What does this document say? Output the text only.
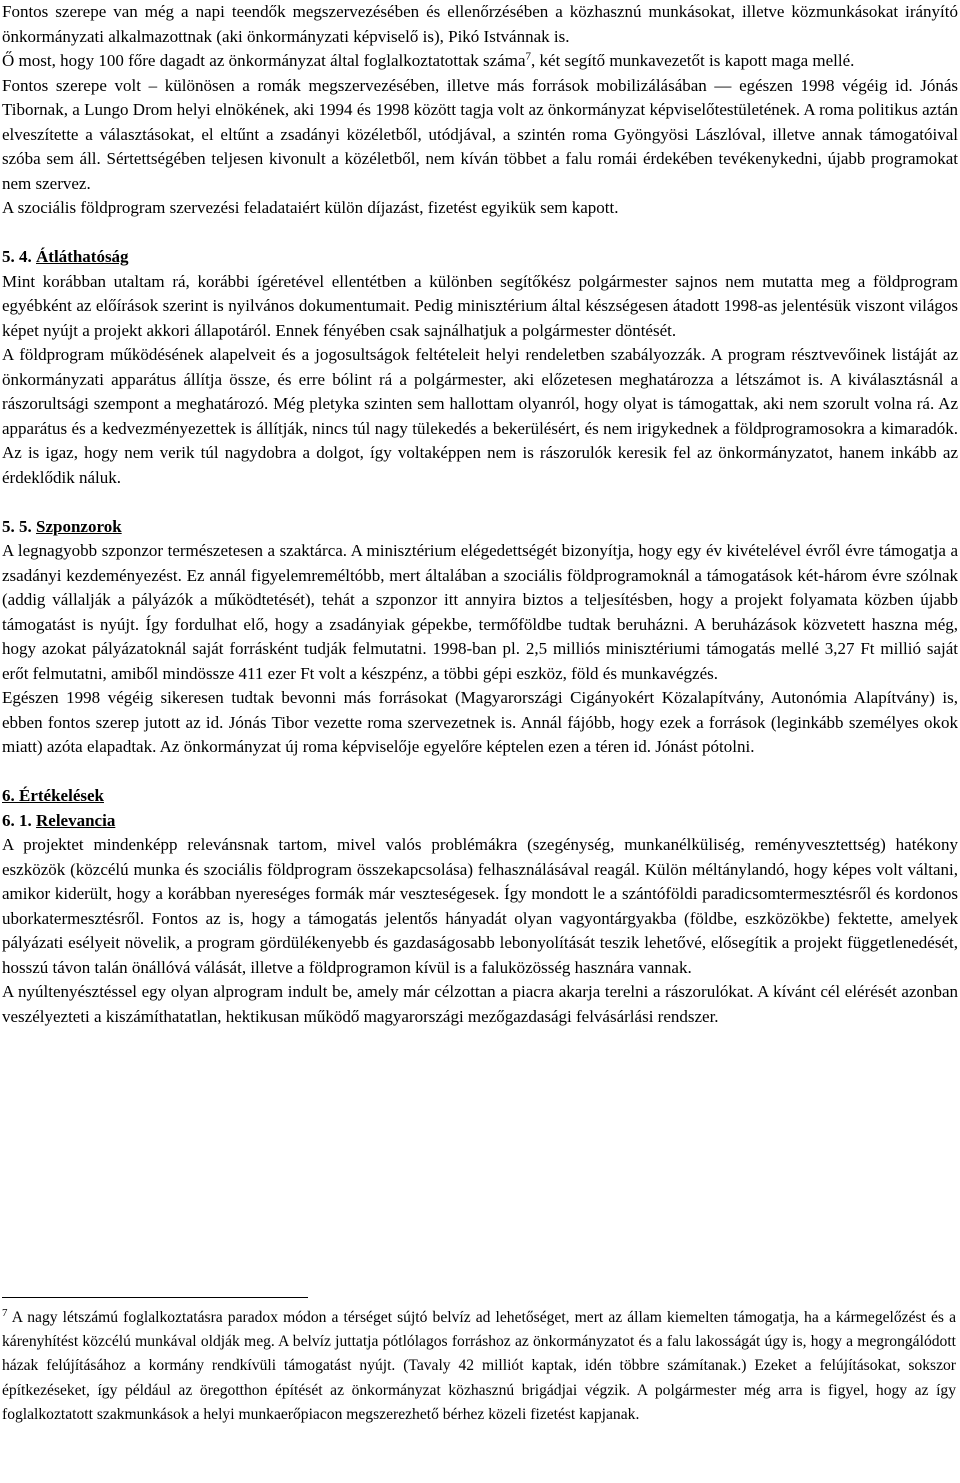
Fontos szerepe van még a napi teendők megszervezésében és ellenőrzésében a közhasznú munkásokat, illetve közmunkásokat irányító önkormányzati alkalmazottnak (aki önkormányzati képviselő is), Pikó Istvánnak is.

Ő most, hogy 100 főre dagadt az önkormányzat által foglalkoztatottak száma$^7$, két segítő munkavezetőt is kapott maga mellé.

Fontos szerepe volt – különösen a romák megszervezésében, illetve más források mobilizálásában — egészen 1998 végéig id. Jónás Tibornak, a Lungo Drom helyi elnökének, aki 1994 és 1998 között tagja volt az önkormányzat képviselőtestületének. A roma politikus aztán elveszítette a választásokat, el eltűnt a zsadányi közéletből, utódjával, a szintén roma Gyöngyösi Lászlóval, illetve annak támogatóival szóba sem áll. Sértettségében teljesen kivonult a közéletből, nem kíván többet a falu romái érdekében tevékenykedni, újabb programokat nem szervez.

A szociális földprogram szervezési feladataiért külön díjazást, fizetést egyikük sem kapott.

5. 4. Átláthatóság

Mint korábban utaltam rá, korábbi ígéretével ellentétben a különben segítőkész polgármester sajnos nem mutatta meg a földprogram egyébként az előírások szerint is nyilvános dokumentumait. Pedig minisztérium által készségesen átadott 1998-as jelentésük viszont világos képet nyújt a projekt akkori állapotáról. Ennek fényében csak sajnálhatjuk a polgármester döntését.

A földprogram működésének alapelveit és a jogosultságok feltételeit helyi rendeletben szabályozzák. A program résztvevőinek listáját az önkormányzati apparátus állítja össze, és erre bólint rá a polgármester, aki előzetesen meghatározza a létszámot is. A kiválasztásnál a rászorultsági szempont a meghatározó. Még pletyka szinten sem hallottam olyanról, hogy olyat is támogattak, aki nem szorult volna rá. Az apparátus és a kedvezményezettek is állítják, nincs túl nagy tülekedés a bekerülésért, és nem irigykednek a földprogramosokra a kimaradók. Az is igaz, hogy nem verik túl nagydobra a dolgot, így voltaképpen nem is rászorulók keresik fel az önkormányzatot, hanem inkább az érdeklődik náluk.

5. 5. Szponzorok

A legnagyobb szponzor természetesen a szaktárca. A minisztérium elégedettségét bizonyítja, hogy egy év kivételével évről évre támogatja a zsadányi kezdeményezést. Ez annál figyelemreméltóbb, mert általában a szociális földprogramoknál a támogatások két-három évre szólnak (addig vállalják a pályázók a működtetését), tehát a szponzor itt annyira biztos a teljesítésben, hogy a projekt folyamata közben újabb támogatást is nyújt. Így fordulhat elő, hogy a zsadányiak gépekbe, termőföldbe tudtak beruházni. A beruházások közvetett haszna még, hogy azokat pályázatoknál saját forrásként tudják felmutatni. 1998-ban pl. 2,5 milliós minisztériumi támogatás mellé 3,27 Ft millió saját erőt felmutatni, amiből mindössze 411 ezer Ft volt a készpénz, a többi gépi eszköz, föld és munkavégzés.

Egészen 1998 végéig sikeresen tudtak bevonni más forrásokat (Magyarországi Cigányokért Közalapítvány, Autonómia Alapítvány) is, ebben fontos szerep jutott az id. Jónás Tibor vezette roma szervezetnek is. Annál fájóbb, hogy ezek a források (leginkább személyes okok miatt) azóta elapadtak. Az önkormányzat új roma képviselője egyelőre képtelen ezen a téren id. Jónást pótolni.

6. Értékelések
6. 1. Relevancia

A projektet mindenképp relevánsnak tartom, mivel valós problémákra (szegénység, munkanélküliség, reményvesztettség) hatékony eszközök (közcélú munka és szociális földprogram összekapcsolása) felhasználásával reagál. Külön méltánylandó, hogy képes volt váltani, amikor kiderült, hogy a korábban nyereséges formák már veszteségesek. Így mondott le a szántóföldi paradicsomtermesztésről és kordonos uborkatermesztésről. Fontos az is, hogy a támogatás jelentős hányadát olyan vagyontárgyakba (földbe, eszközökbe) fektette, amelyek pályázati esélyeit növelik, a program gördülékenyebb és gazdaságosabb lebonyolítását teszik lehetővé, elősegítik a projekt függetlenedését, hosszú távon talán önállóvá válását, illetve a földprogramon kívül is a faluközösség hasznára vannak.

A nyúltenyésztéssel egy olyan alprogram indult be, amely már célzottan a piacra akarja terelni a rászorulókat. A kívánt cél elérését azonban veszélyezteti a kiszámíthatatlan, hektikusan működő magyarországi mezőgazdasági felvásárlási rendszer.

$^7$ A nagy létszámú foglalkoztatásra paradox módon a térséget sújtó belvíz ad lehetőséget, mert az állam kiemelten támogatja, ha a kármegelőzést és a kárenyhítést közcélú munkával oldják meg. A belvíz juttatja pótlólagos forráshoz az önkormányzatot és a falu lakosságát úgy is, hogy a megrongálódott házak felújításához a kormány rendkívüli támogatást nyújt. (Tavaly 42 milliót kaptak, idén többre számítanak.) Ezeket a felújításokat, sokszor építkezéseket, így például az öregotthon építését az önkormányzat közhasznú brigádjai végzik. A polgármester még arra is figyel, hogy az így foglalkoztatott szakmunkások a helyi munkaerőpiacon megszerezhető bérhez közeli fizetést kapjanak.
